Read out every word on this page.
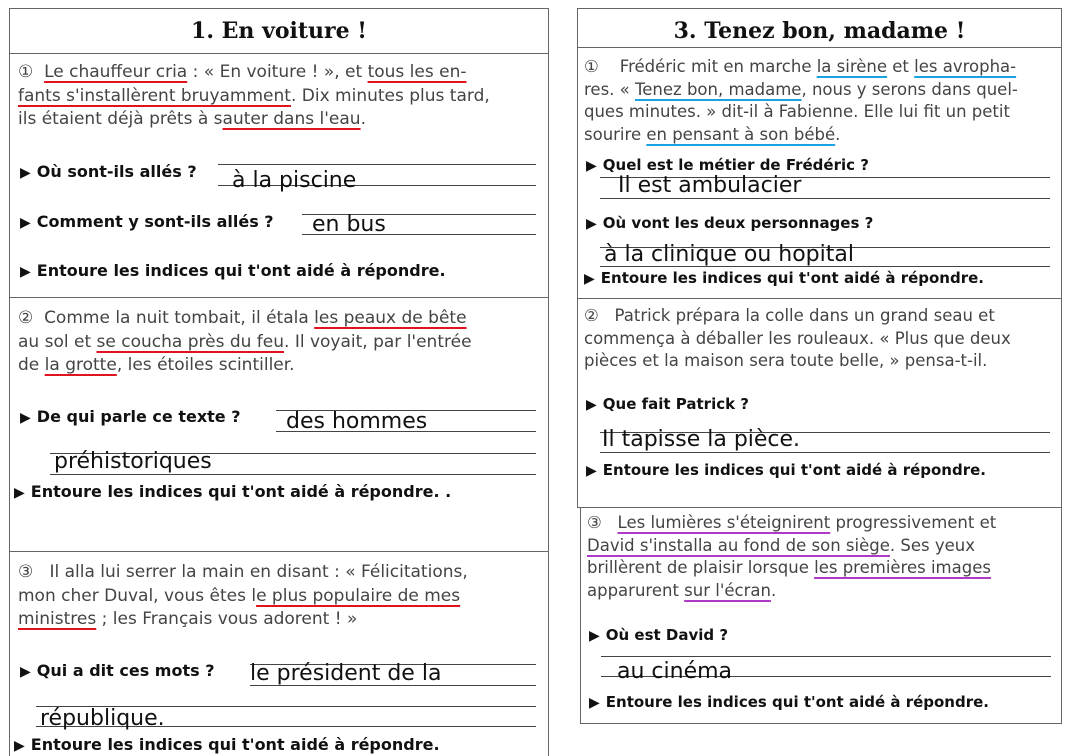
1. En voiture !
① Le chauffeur cria : « En voiture ! », et tous les en-
fants s'installèrent bruyamment. Dix minutes plus tard,
ils étaient déjà prêts à sauter dans l'eau.
▶ Où sont-ils allés ? à la piscine
▶ Comment y sont-ils allés ? en bus
▶ Entoure les indices qui t'ont aidé à répondre.
② Comme la nuit tombait, il étala les peaux de bête
au sol et se coucha près du feu. Il voyait, par l'entrée
de la grotte, les étoiles scintiller.
▶ De qui parle ce texte ? des hommes
préhistoriques
▶ Entoure les indices qui t'ont aidé à répondre. .
③ Il alla lui serrer la main en disant : « Félicitations,
mon cher Duval, vous êtes le plus populaire de mes
ministres ; les Français vous adorent ! »
▶ Qui a dit ces mots ? le président de la
république.
▶ Entoure les indices qui t'ont aidé à répondre.
3. Tenez bon, madame !
① Frédéric mit en marche la sirène et les avropha-
res. « Tenez bon, madame, nous y serons dans quel-
ques minutes. » dit-il à Fabienne. Elle lui fit un petit
sourire en pensant à son bébé.
▶ Quel est le métier de Frédéric ?
Il est ambulacier
▶ Où vont les deux personnages ?
à la clinique ou hopital
▶ Entoure les indices qui t'ont aidé à répondre.
② Patrick prépara la colle dans un grand seau et
commença à déballer les rouleaux. « Plus que deux
pièces et la maison sera toute belle, » pensa-t-il.
▶ Que fait Patrick ?
Il tapisse la pièce.
▶ Entoure les indices qui t'ont aidé à répondre.
③ Les lumières s'éteignirent progressivement et
David s'installa au fond de son siège. Ses yeux
brillèrent de plaisir lorsque les premières images
apparurent sur l'écran.
▶ Où est David ?
au cinéma
▶ Entoure les indices qui t'ont aidé à répondre.
